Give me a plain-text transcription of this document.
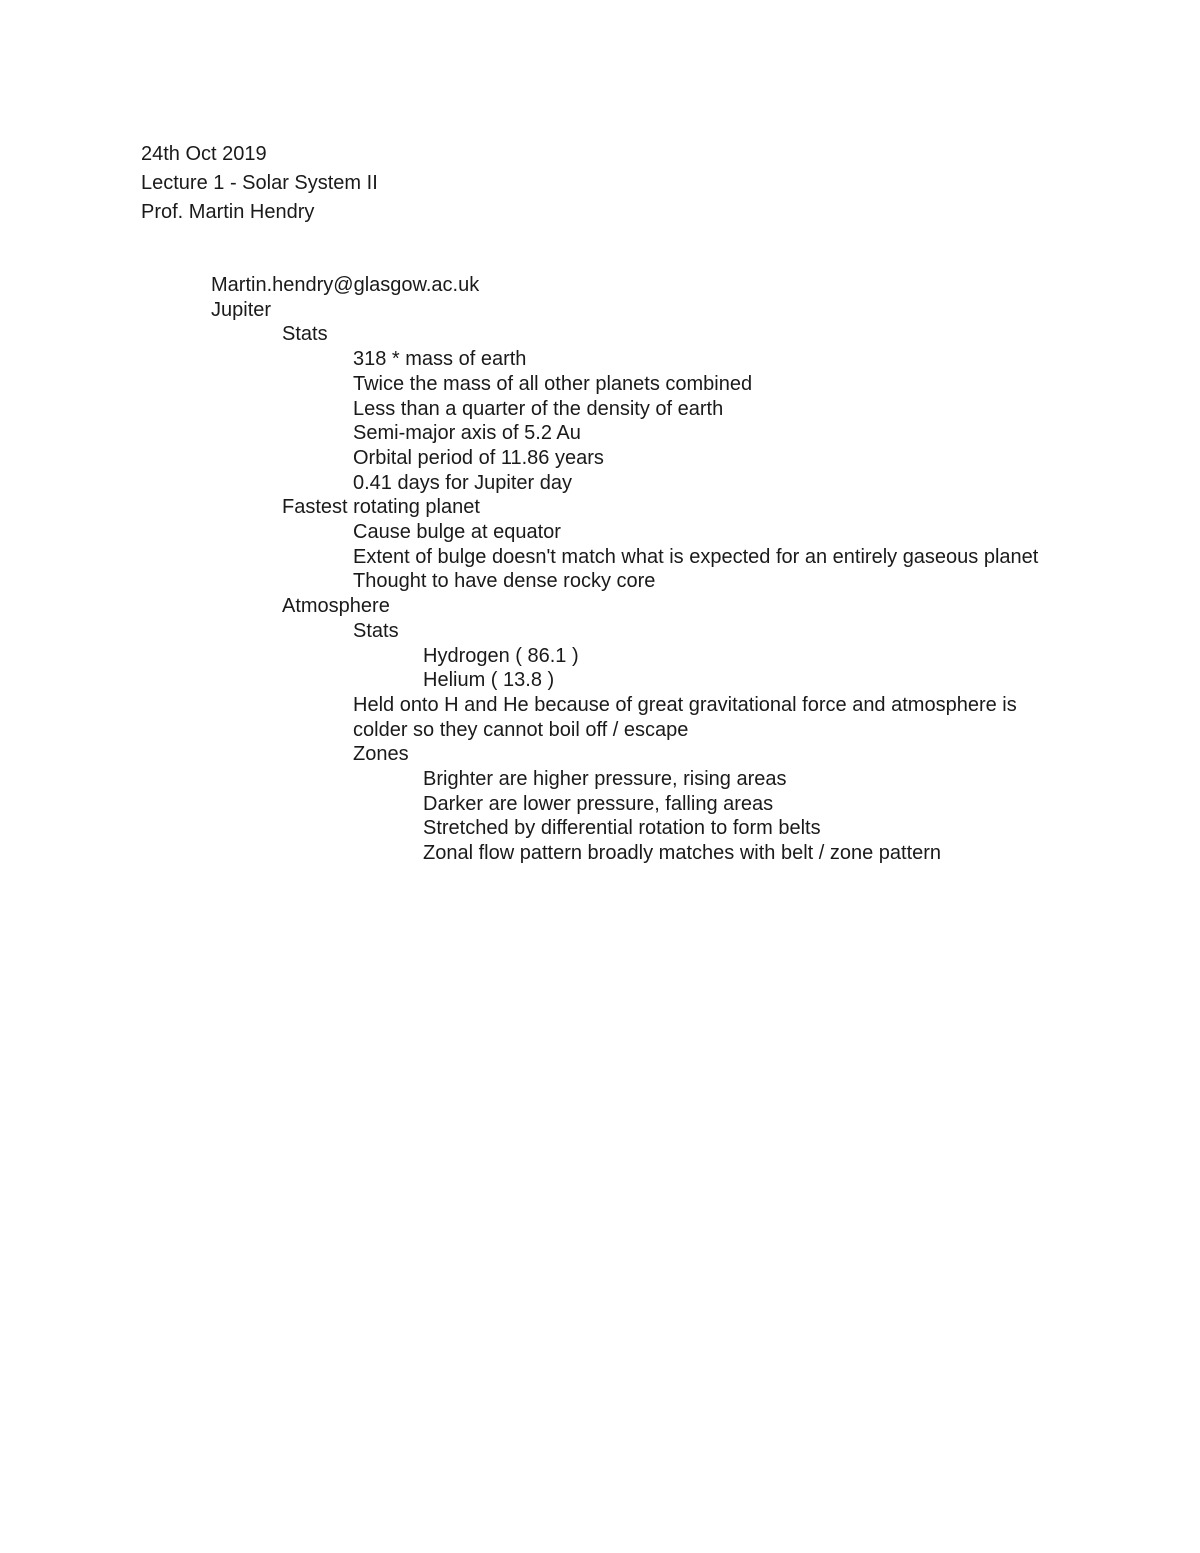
24th Oct 2019
Lecture 1 - Solar System II
Prof. Martin Hendry
Martin.hendry@glasgow.ac.uk
Jupiter
Stats
318 * mass of earth
Twice the mass of all other planets combined
Less than a quarter of the density of earth
Semi-major axis of 5.2 Au
Orbital period of 11.86 years
0.41 days for Jupiter day
Fastest rotating planet
Cause bulge at equator
Extent of bulge doesn't match what is expected for an entirely gaseous planet
Thought to have dense rocky core
Atmosphere
Stats
Hydrogen ( 86.1 )
Helium ( 13.8 )
Held onto H and He because of great gravitational force and atmosphere is colder so they cannot boil off / escape
Zones
Brighter are higher pressure, rising areas
Darker are lower pressure, falling areas
Stretched by differential rotation to form belts
Zonal flow pattern broadly matches with belt / zone pattern
